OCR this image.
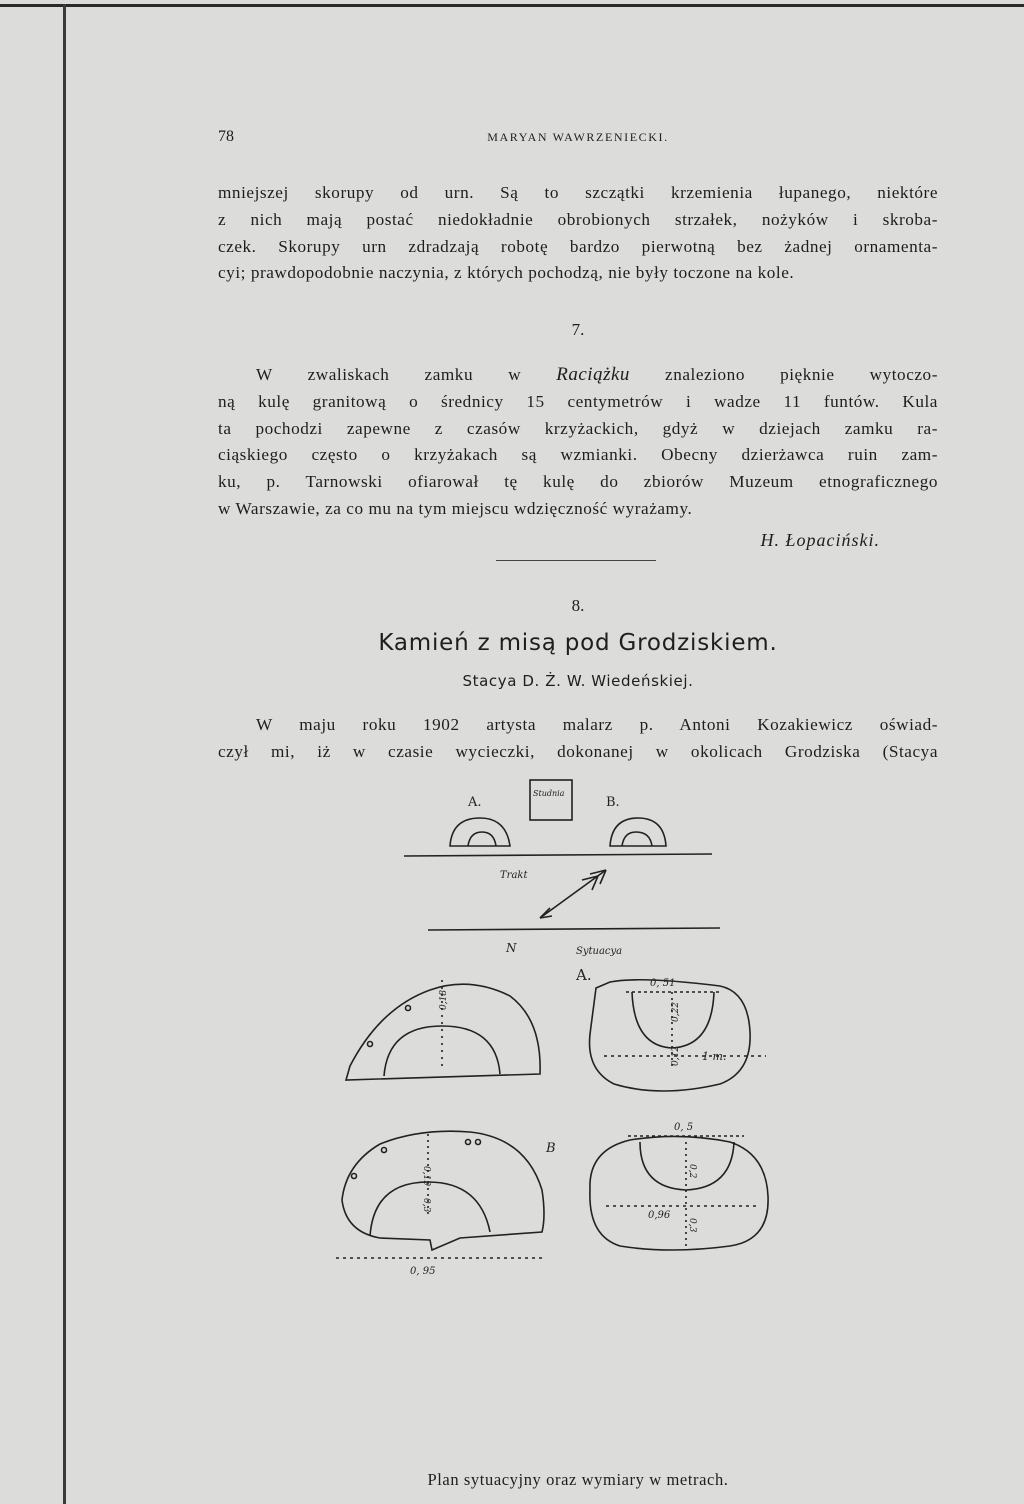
78	MARYAN WAWRZENIECKI.
mniejszej skorupy od urn. Są to szczątki krzemienia łupanego, niektóre
z nich mają postać niedokładnie obrobionych strzałek, nożyków i skroba-
czek. Skorupy urn zdradzają robotę bardzo pierwotną bez żadnej ornamenta-
cyi; prawdopodobnie naczynia, z których pochodzą, nie były toczone na kole.
7.
W zwaliskach zamku w Raciążku znaleziono pięknie wytoczo-
ną kulę granitową o średnicy 15 centymetrów i wadze 11 funtów. Kula
ta pochodzi zapewne z czasów krzyżackich, gdyż w dziejach zamku ra-
ciąskiego często o krzyżakach są wzmianki. Obecny dzierżawca ruin zam-
ku, p. Tarnowski ofiarował tę kulę do zbiorów Muzeum etnograficznego
w Warszawie, za co mu na tym miejscu wdzięczność wyrażamy.
H. Łopaciński.
8.
Kamień z misą pod Grodziskiem.
Stacya D. Ż. W. Wiedeńskiej.
W maju roku 1902 artysta malarz p. Antoni Kozakiewicz oświad-
czył mi, iż w czasie wycieczki, dokonanej w okolicach Grodziska (Stacya
A.
Studnia
B.
Trakt
N	Sytuacya
A.
0,18
0, 51
1 m.
0,22
0,12
0,19
0,3
0, 95
B
0, 5
0,2
0,3
0,96
Plan sytuacyjny oraz wymiary w metrach.
